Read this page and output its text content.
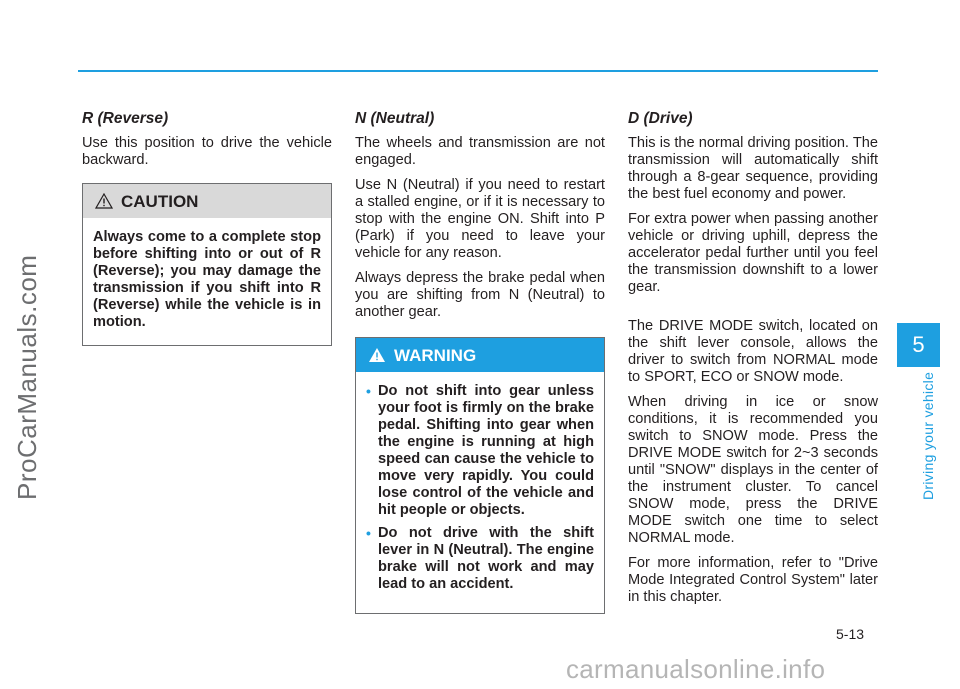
ProCarManuals.com
R (Reverse)
Use this position to drive the vehicle backward.
CAUTION
Always come to a complete stop before shifting into or out of R (Reverse); you may damage the transmission if you shift into R (Reverse) while the vehicle is in motion.
N (Neutral)
The wheels and transmission are not engaged.
Use N (Neutral) if you need to restart a stalled engine, or if it is necessary to stop with the engine ON. Shift into P (Park) if you need to leave your vehicle for any reason.
Always depress the brake pedal when you are shifting from N (Neutral) to another gear.
WARNING
• Do not shift into gear unless your foot is firmly on the brake pedal. Shifting into gear when the engine is running at high speed can cause the vehicle to move very rapidly. You could lose control of the vehicle and hit people or objects.
• Do not drive with the shift lever in N (Neutral). The engine brake will not work and may lead to an accident.
D (Drive)
This is the normal driving position. The transmission will automatically shift through a 8-gear sequence, providing the best fuel economy and power.
For extra power when passing another vehicle or driving uphill, depress the accelerator pedal further until you feel the transmission downshift to a lower gear.
The DRIVE MODE switch, located on the shift lever console, allows the driver to switch from NORMAL mode to SPORT, ECO or SNOW mode.
When driving in ice or snow conditions, it is recommended you switch to SNOW mode. Press the DRIVE MODE switch for 2~3 seconds until "SNOW" displays in the center of the instrument cluster. To cancel SNOW mode, press the DRIVE MODE switch one time to select NORMAL mode.
For more information, refer to "Drive Mode Integrated Control System" later in this chapter.
5
Driving your vehicle
5-13
carmanualsonline.info
